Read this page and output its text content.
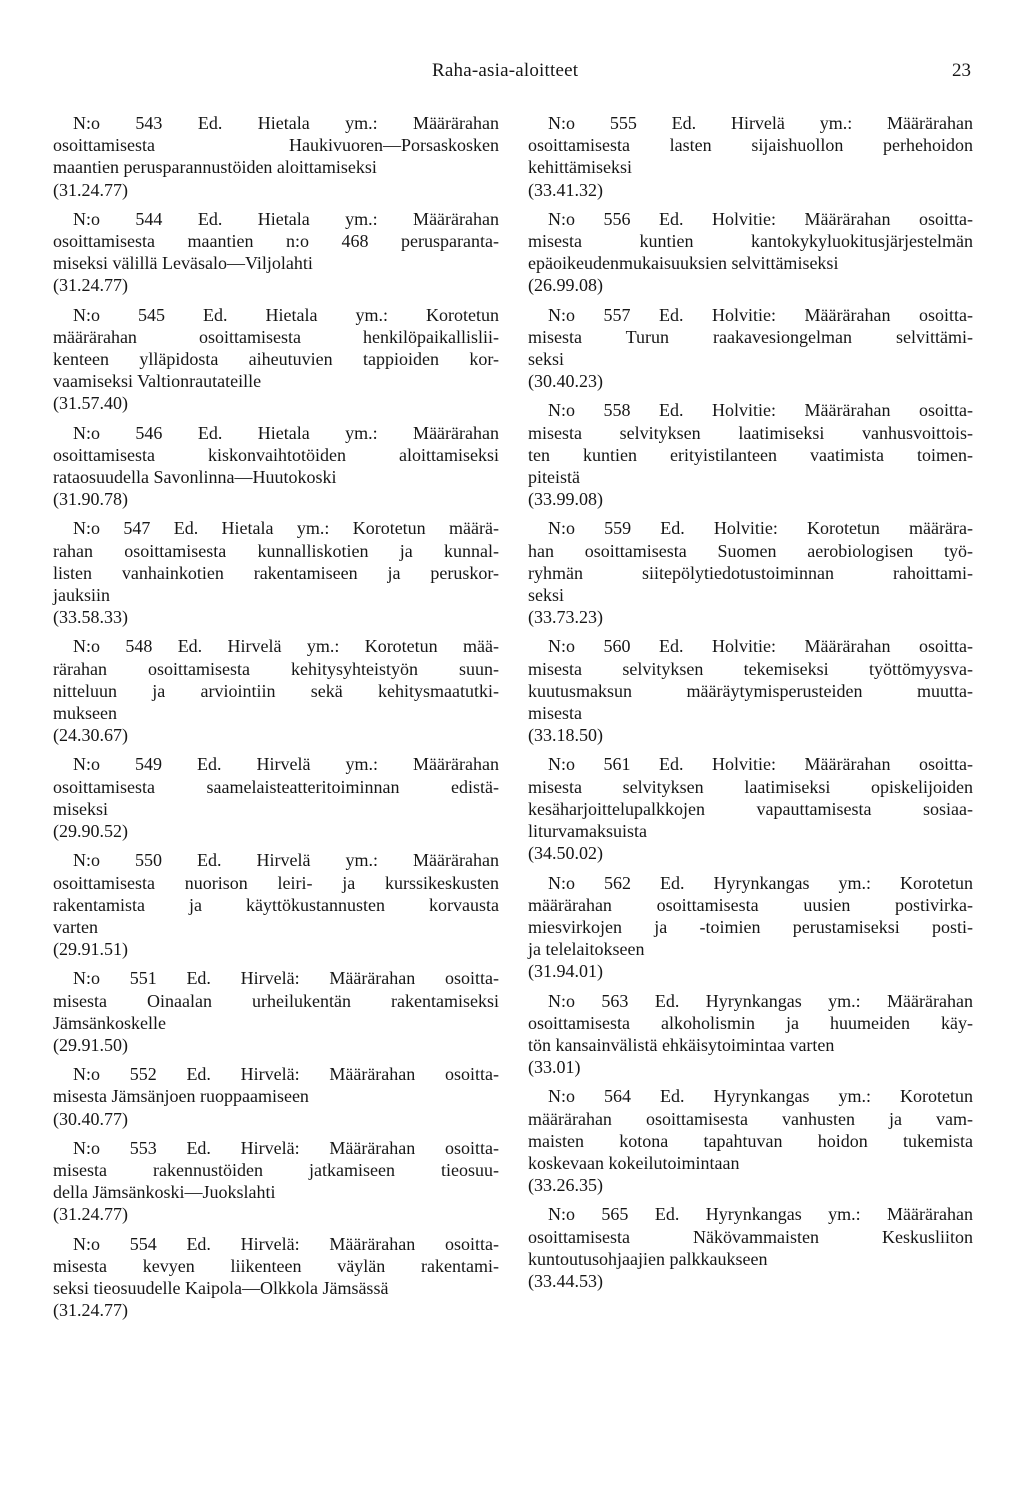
Raha-asia-aloitteet	23
N:o 543 Ed. Hietala ym.: Määrärahan
osoittamisesta Haukivuoren—Porsaskosken
maantien perusparannustöiden aloittamiseksi
(31.24.77)
N:o 544 Ed. Hietala ym.: Määrärahan
osoittamisesta maantien n:o 468 perusparanta-
miseksi välillä Leväsalo—Viljolahti
(31.24.77)
N:o 545 Ed. Hietala ym.: Korotetun
määrärahan osoittamisesta henkilöpaikallislii-
kenteen ylläpidosta aiheutuvien tappioiden kor-
vaamiseksi Valtionrautateille
(31.57.40)
N:o 546 Ed. Hietala ym.: Määrärahan
osoittamisesta kiskonvaihtotöiden aloittamiseksi
rataosuudella Savonlinna—Huutokoski
(31.90.78)
N:o 547 Ed. Hietala ym.: Korotetun määrä-
rahan osoittamisesta kunnalliskotien ja kunnal-
listen vanhainkotien rakentamiseen ja peruskor-
jauksiin
(33.58.33)
N:o 548 Ed. Hirvelä ym.: Korotetun mää-
rärahan osoittamisesta kehitysyhteistyön suun-
nitteluun ja arviointiin sekä kehitysmaatutki-
mukseen
(24.30.67)
N:o 549 Ed. Hirvelä ym.: Määrärahan
osoittamisesta saamelaisteatteritoiminnan edistä-
miseksi
(29.90.52)
N:o 550 Ed. Hirvelä ym.: Määrärahan
osoittamisesta nuorison leiri- ja kurssikeskusten
rakentamista ja käyttökustannusten korvausta
varten
(29.91.51)
N:o 551 Ed. Hirvelä: Määrärahan osoitta-
misesta Oinaalan urheilukentän rakentamiseksi
Jämsänkoskelle
(29.91.50)
N:o 552 Ed. Hirvelä: Määrärahan osoitta-
misesta Jämsänjoen ruoppaamiseen
(30.40.77)
N:o 553 Ed. Hirvelä: Määrärahan osoitta-
misesta rakennustöiden jatkamiseen tieosuu-
della Jämsänkoski—Juokslahti
(31.24.77)
N:o 554 Ed. Hirvelä: Määrärahan osoitta-
misesta kevyen liikenteen väylän rakentami-
seksi tieosuudelle Kaipola—Olkkola Jämsässä
(31.24.77)
N:o 555 Ed. Hirvelä ym.: Määrärahan
osoittamisesta lasten sijaishuollon perhehoidon
kehittämiseksi
(33.41.32)
N:o 556 Ed. Holvitie: Määrärahan osoitta-
misesta kuntien kantokykyluokitusjärjestelmän
epäoikeudenmukaisuuksien selvittämiseksi
(26.99.08)
N:o 557 Ed. Holvitie: Määrärahan osoitta-
misesta Turun raakavesiongelman selvittämi-
seksi
(30.40.23)
N:o 558 Ed. Holvitie: Määrärahan osoitta-
misesta selvityksen laatimiseksi vanhusvoittois-
ten kuntien erityistilanteen vaatimista toimen-
piteistä
(33.99.08)
N:o 559 Ed. Holvitie: Korotetun määrära-
han osoittamisesta Suomen aerobiologisen työ-
ryhmän siitepölytiedotustoiminnan rahoittami-
seksi
(33.73.23)
N:o 560 Ed. Holvitie: Määrärahan osoitta-
misesta selvityksen tekemiseksi työttömyysva-
kuutusmaksun määräytymisperusteiden muutta-
misesta
(33.18.50)
N:o 561 Ed. Holvitie: Määrärahan osoitta-
misesta selvityksen laatimiseksi opiskelijoiden
kesäharjoittelupalkkojen vapauttamisesta sosiaa-
liturvamaksuista
(34.50.02)
N:o 562 Ed. Hyrynkangas ym.: Korotetun
määrärahan osoittamisesta uusien postivirka-
miesvirkojen ja -toimien perustamiseksi posti-
ja telelaitokseen
(31.94.01)
N:o 563 Ed. Hyrynkangas ym.: Määrärahan
osoittamisesta alkoholismin ja huumeiden käy-
tön kansainvälistä ehkäisytoimintaa varten
(33.01)
N:o 564 Ed. Hyrynkangas ym.: Korotetun
määrärahan osoittamisesta vanhusten ja vam-
maisten kotona tapahtuvan hoidon tukemista
koskevaan kokeilutoimintaan
(33.26.35)
N:o 565 Ed. Hyrynkangas ym.: Määrärahan
osoittamisesta Näkövammaisten Keskusliiton
kuntoutusohjaajien palkkaukseen
(33.44.53)
